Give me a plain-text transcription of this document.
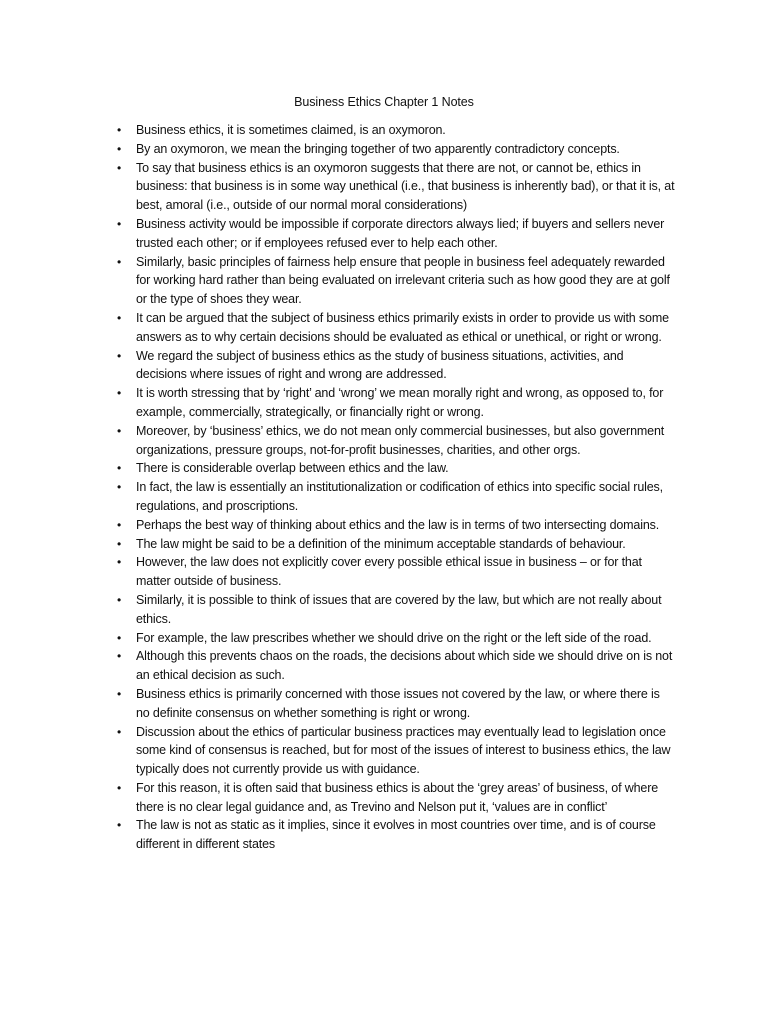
Business Ethics Chapter 1 Notes
•	Business ethics, it is sometimes claimed, is an oxymoron.
•	By an oxymoron, we mean the bringing together of two apparently contradictory concepts.
•	To say that business ethics is an oxymoron suggests that there are not, or cannot be, ethics in business: that business is in some way unethical (i.e., that business is inherently bad), or that it is, at best, amoral (i.e., outside of our normal moral considerations)
•	Business activity would be impossible if corporate directors always lied; if buyers and sellers never trusted each other; or if employees refused ever to help each other.
•	Similarly, basic principles of fairness help ensure that people in business feel adequately rewarded for working hard rather than being evaluated on irrelevant criteria such as how good they are at golf or the type of shoes they wear.
•	It can be argued that the subject of business ethics primarily exists in order to provide us with some answers as to why certain decisions should be evaluated as ethical or unethical, or right or wrong.
•	We regard the subject of business ethics as the study of business situations, activities, and decisions where issues of right and wrong are addressed.
•	It is worth stressing that by ‘right’ and ‘wrong’ we mean morally right and wrong, as opposed to, for example, commercially, strategically, or financially right or wrong.
•	Moreover, by ‘business’ ethics, we do not mean only commercial businesses, but also government organizations, pressure groups, not-for-profit businesses, charities, and other orgs.
•	There is considerable overlap between ethics and the law.
•	In fact, the law is essentially an institutionalization or codification of ethics into specific social rules, regulations, and proscriptions.
•	Perhaps the best way of thinking about ethics and the law is in terms of two intersecting domains.
•	The law might be said to be a definition of the minimum acceptable standards of behaviour.
•	However, the law does not explicitly cover every possible ethical issue in business – or for that matter outside of business.
•	Similarly, it is possible to think of issues that are covered by the law, but which are not really about ethics.
•	For example, the law prescribes whether we should drive on the right or the left side of the road.
•	Although this prevents chaos on the roads, the decisions about which side we should drive on is not an ethical decision as such.
•	Business ethics is primarily concerned with those issues not covered by the law, or where there is no definite consensus on whether something is right or wrong.
•	Discussion about the ethics of particular business practices may eventually lead to legislation once some kind of consensus is reached, but for most of the issues of interest to business ethics, the law typically does not currently provide us with guidance.
•	For this reason, it is often said that business ethics is about the ‘grey areas’ of business, of where there is no clear legal guidance and, as Trevino and Nelson put it, ‘values are in conflict’
•	The law is not as static as it implies, since it evolves in most countries over time, and is of course different in different states
